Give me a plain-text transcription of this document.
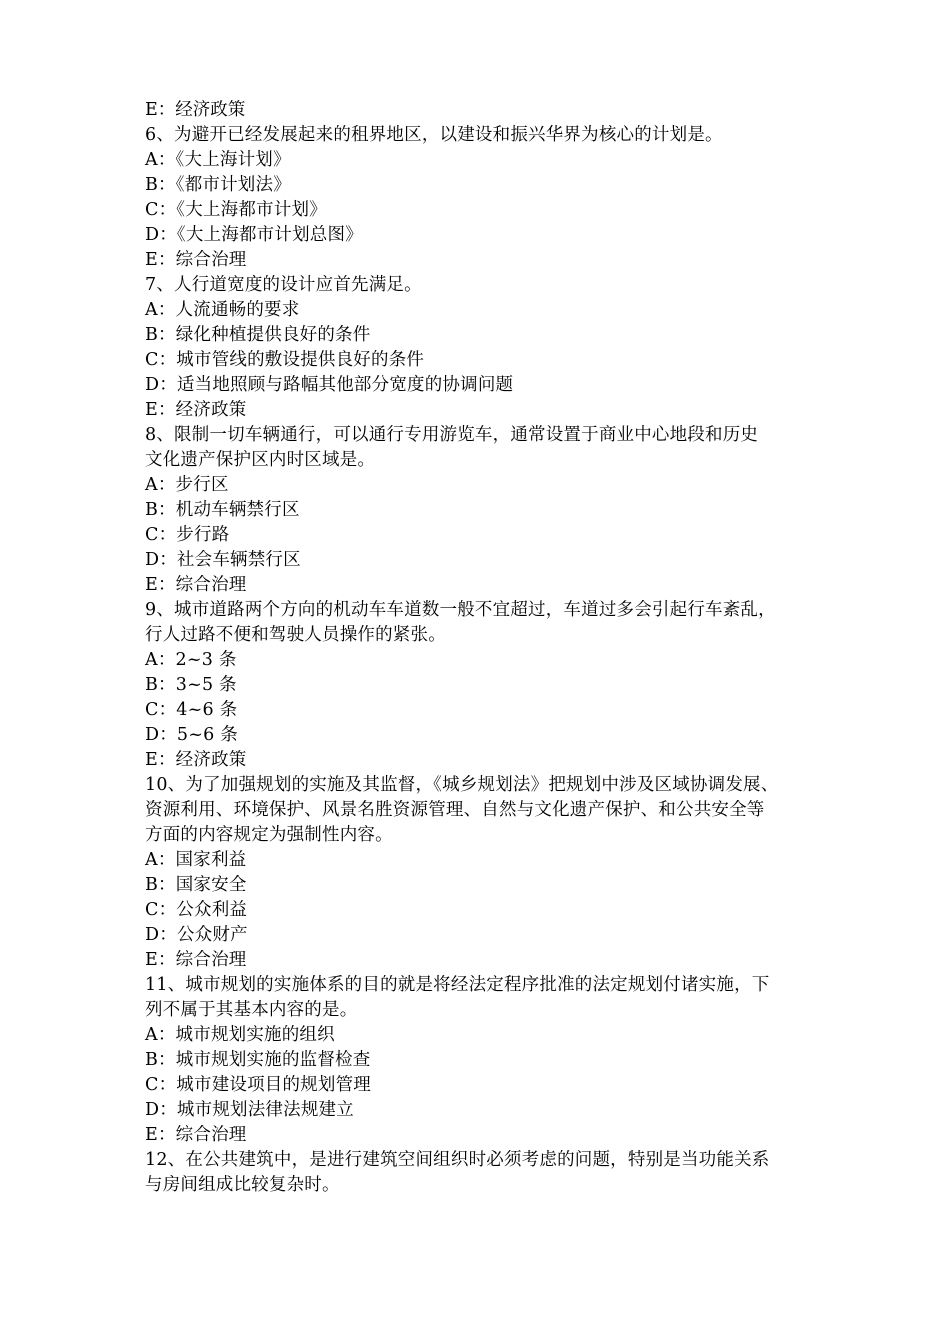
E：经济政策
6、为避开已经发展起来的租界地区，以建设和振兴华界为核心的计划是。
A：《大上海计划》
B：《都市计划法》
C：《大上海都市计划》
D：《大上海都市计划总图》
E：综合治理
7、人行道宽度的设计应首先满足。
A：人流通畅的要求
B：绿化种植提供良好的条件
C：城市管线的敷设提供良好的条件
D：适当地照顾与路幅其他部分宽度的协调问题
E：经济政策
8、限制一切车辆通行，可以通行专用游览车，通常设置于商业中心地段和历史
文化遗产保护区内时区域是。
A：步行区
B：机动车辆禁行区
C：步行路
D：社会车辆禁行区
E：综合治理
9、城市道路两个方向的机动车车道数一般不宜超过，车道过多会引起行车紊乱，
行人过路不便和驾驶人员操作的紧张。
A：2~3 条
B：3~5 条
C：4~6 条
D：5~6 条
E：经济政策
10、为了加强规划的实施及其监督，《城乡规划法》把规划中涉及区域协调发展、
资源利用、环境保护、风景名胜资源管理、自然与文化遗产保护、和公共安全等
方面的内容规定为强制性内容。
A：国家利益
B：国家安全
C：公众利益
D：公众财产
E：综合治理
11、城市规划的实施体系的目的就是将经法定程序批准的法定规划付诸实施，下
列不属于其基本内容的是。
A：城市规划实施的组织
B：城市规划实施的监督检查
C：城市建设项目的规划管理
D：城市规划法律法规建立
E：综合治理
12、在公共建筑中，是进行建筑空间组织时必须考虑的问题，特别是当功能关系
与房间组成比较复杂时。
